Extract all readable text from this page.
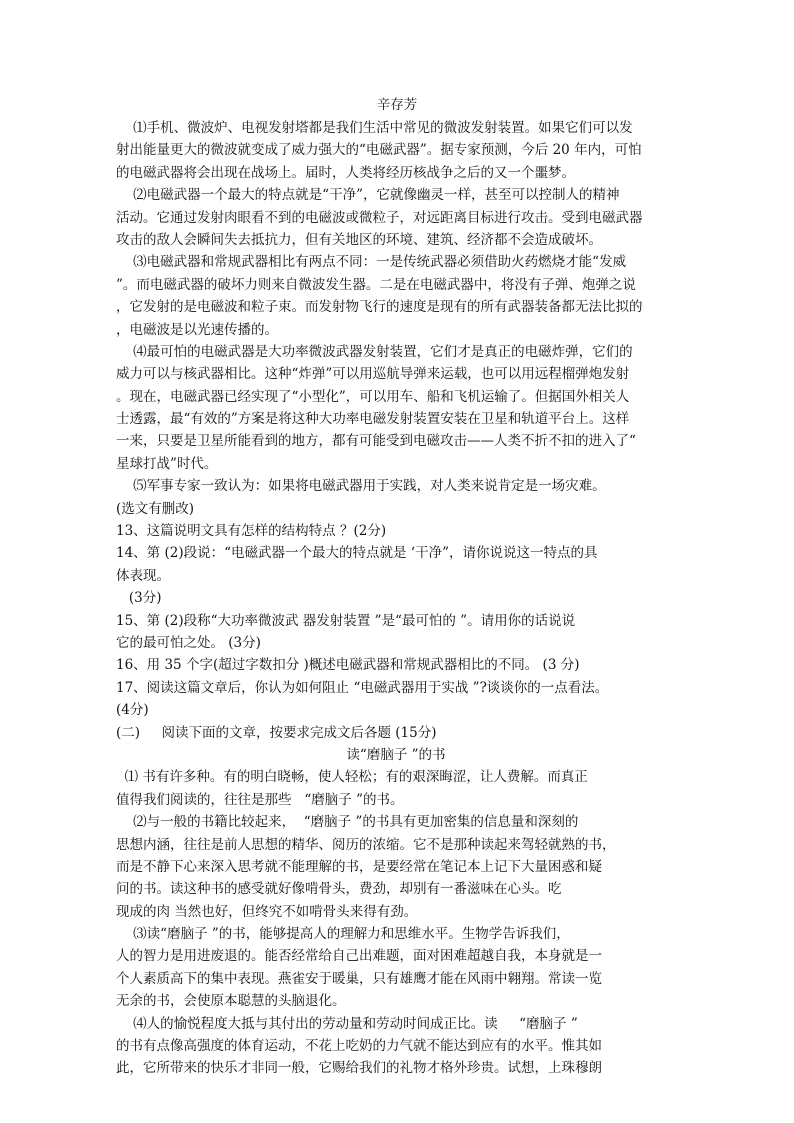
辛存芳
⑴手机、微波炉、电视发射塔都是我们生活中常见的微波发射装置。如果它们可以发
射出能量更大的微波就变成了威力强大的“电磁武器”。据专家预测，今后 20 年内，可怕
的电磁武器将会出现在战场上。届时，人类将经历核战争之后的又一个噩梦。
⑵电磁武器一个最大的特点就是“干净”，它就像幽灵一样，甚至可以控制人的精神
活动。它通过发射肉眼看不到的电磁波或微粒子，对远距离目标进行攻击。受到电磁武器
攻击的敌人会瞬间失去抵抗力，但有关地区的环境、建筑、经济都不会造成破坏。
⑶电磁武器和常规武器相比有两点不同：一是传统武器必须借助火药燃烧才能“发威
”。而电磁武器的破坏力则来自微波发生器。二是在电磁武器中，将没有子弹、炮弹之说
，它发射的是电磁波和粒子束。而发射物飞行的速度是现有的所有武器装备都无法比拟的
，电磁波是以光速传播的。
⑷最可怕的电磁武器是大功率微波武器发射装置，它们才是真正的电磁炸弹，它们的
威力可以与核武器相比。这种“炸弹”可以用巡航导弹来运载，也可以用远程榴弹炮发射
。现在，电磁武器已经实现了“小型化”，可以用车、船和飞机运输了。但据国外相关人
士透露，最“有效的”方案是将这种大功率电磁发射装置安装在卫星和轨道平台上。这样
一来，只要是卫星所能看到的地方，都有可能受到电磁攻击——人类不折不扣的进入了“
星球打战”时代。
⑸军事专家一致认为：如果将电磁武器用于实践，对人类来说肯定是一场灾难。
(选文有删改)
13、这篇说明文具有怎样的结构特点 ？(2分)
14、第 (2)段说：“电磁武器一个最大的特点就是 ‘干净”，请你说说这一特点的具
体表现。
(3分)
15、第 (2)段称“大功率微波武 器发射装置 ”是“最可怕的 ”。请用你的话说说
它的最可怕之处。 (3分)
16、用 35 个字(超过字数扣分 )概述电磁武器和常规武器相比的不同。 (3 分)
17、阅读这篇文章后，你认为如何阻止 “电磁武器用于实战 ”?谈谈你的一点看法。
(4分)
(二)     阅读下面的文章，按要求完成文后各题 (15分)
读“磨脑子 ”的书
⑴ 书有许多种。有的明白晓畅，使人轻松；有的艰深晦涩，让人费解。而真正
值得我们阅读的，往往是那些   “磨脑子 ”的书。
⑵与一般的书籍比较起来，  “磨脑子 ”的书具有更加密集的信息量和深刻的
思想内涵，往往是前人思想的精华、阅历的浓缩。它不是那种读起来驾轻就熟的书，
而是不静下心来深入思考就不能理解的书，是要经常在笔记本上记下大量困惑和疑
问的书。读这种书的感受就好像啃骨头，费劲，却别有一番滋味在心头。吃
现成的肉 当然也好，但终究不如啃骨头来得有劲。
⑶读“磨脑子 ”的书，能够提高人的理解力和思维水平。生物学告诉我们，
人的智力是用进废退的。能否经常给自己出难题，面对困难超越自我，本身就是一
个人素质高下的集中表现。燕雀安于暖巢，只有雄鹰才能在风雨中翱翔。常读一览
无余的书，会使原本聪慧的头脑退化。
⑷人的愉悦程度大抵与其付出的劳动量和劳动时间成正比。读     “磨脑子 ”
的书有点像高强度的体育运动，不花上吃奶的力气就不能达到应有的水平。惟其如
此，它所带来的快乐才非同一般，它赐给我们的礼物才格外珍贵。试想，上珠穆朗
